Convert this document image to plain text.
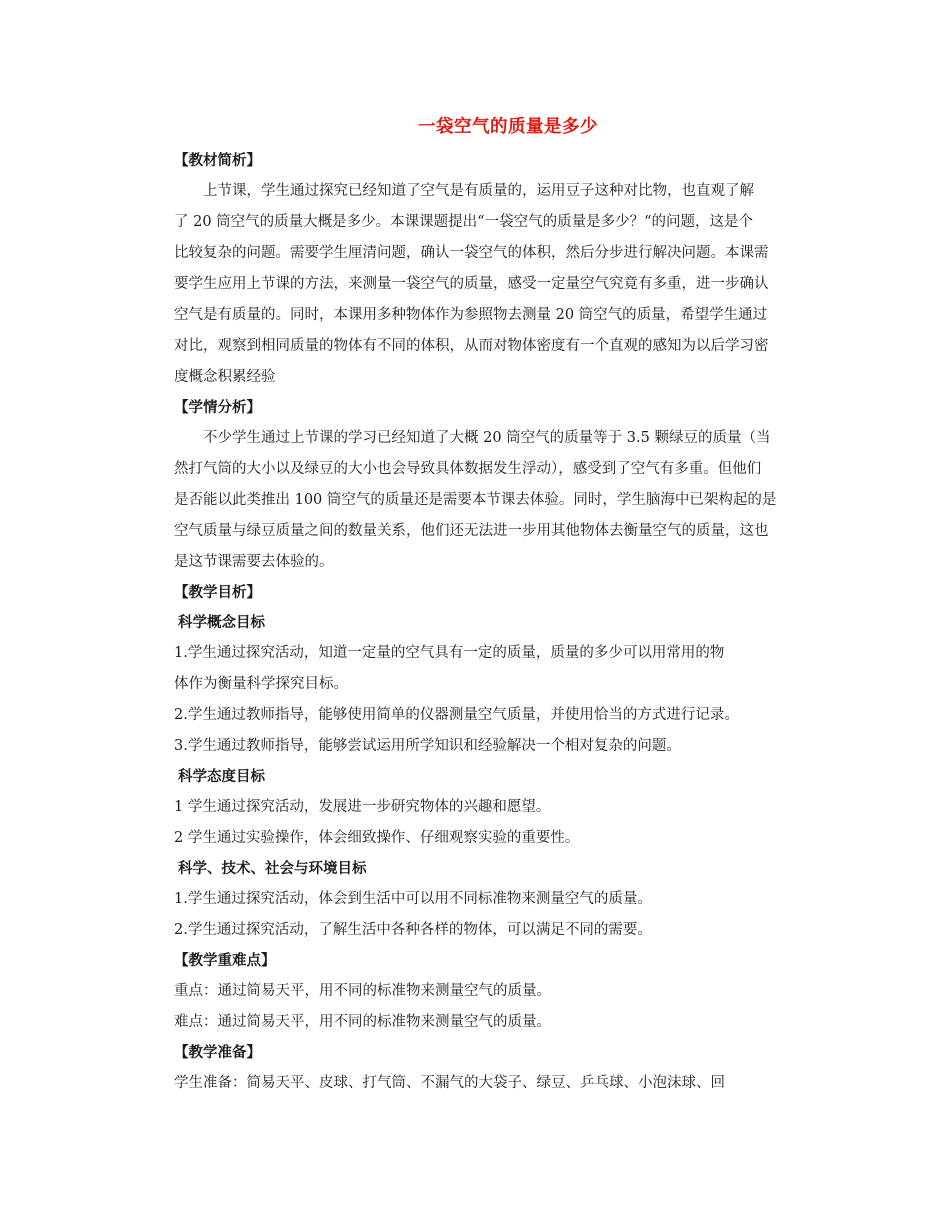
一袋空气的质量是多少
【教材简析】
上节课，学生通过探究已经知道了空气是有质量的，运用豆子这种对比物，也直观了解
了 20 筒空气的质量大概是多少。本课课题提出“一袋空气的质量是多少？“的问题，这是个
比较复杂的问题。需要学生厘清问题，确认一袋空气的体积，然后分步进行解决问题。本课需
要学生应用上节课的方法，来测量一袋空气的质量，感受一定量空气究竟有多重，进一步确认
空气是有质量的。同时，本课用多种物体作为参照物去测量 20 筒空气的质量，希望学生通过
对比，观察到相同质量的物体有不同的体积，从而对物体密度有一个直观的感知为以后学习密
度概念积累经验
【学情分析】
不少学生通过上节课的学习已经知道了大概 20 筒空气的质量等于 3.5 颗绿豆的质量（当
然打气筒的大小以及绿豆的大小也会导致具体数据发生浮动），感受到了空气有多重。但他们
是否能以此类推出 100 筒空气的质量还是需要本节课去体验。同时，学生脑海中已架构起的是
空气质量与绿豆质量之间的数量关系，他们还无法进一步用其他物体去衡量空气的质量，这也
是这节课需要去体验的。
【教学目析】
科学概念目标
1.学生通过探究活动，知道一定量的空气具有一定的质量，质量的多少可以用常用的物
体作为衡量科学探究目标。
2.学生通过教师指导，能够使用简单的仪器测量空气质量，并使用恰当的方式进行记录。
3.学生通过教师指导，能够尝试运用所学知识和经验解决一个相对复杂的问题。
科学态度目标
1 学生通过探究活动，发展进一步研究物体的兴趣和愿望。
2 学生通过实验操作，体会细致操作、仔细观察实验的重要性。
科学、技术、社会与环境目标
1.学生通过探究活动，体会到生活中可以用不同标准物来测量空气的质量。
2.学生通过探究活动，了解生活中各种各样的物体，可以满足不同的需要。
【教学重难点】
重点：通过简易天平，用不同的标准物来测量空气的质量。
难点：通过简易天平，用不同的标准物来测量空气的质量。
【教学准备】
学生准备：简易天平、皮球、打气筒、不漏气的大袋子、绿豆、乒乓球、小泡沫球、回
